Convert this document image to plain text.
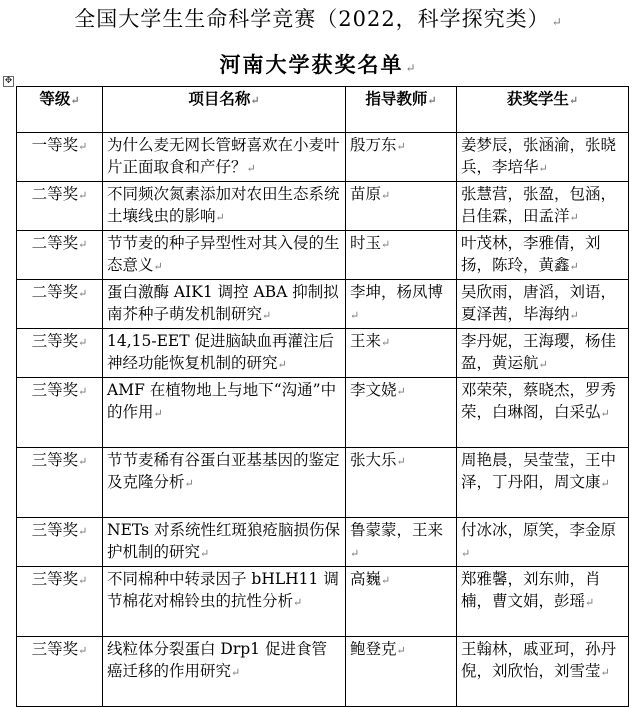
全国大学生生命科学竞赛（2022，科学探究类） ↵
河南大学获奖名单 ↵
✥
等级↵	项目名称↵	指导教师↵	获奖学生↵
一等奖↵	为什么麦无网长管蚜喜欢在小麦叶片正面取食和产仔？↵	殷万东↵	姜梦辰，张涵渝，张晓兵，李培华↵
二等奖↵	不同频次氮素添加对农田生态系统土壤线虫的影响↵	苗原↵	张慧营，张盈，包涵，吕佳霖，田孟洋↵
二等奖↵	节节麦的种子异型性对其入侵的生态意义↵	时玉↵	叶茂林，李雅倩，刘扬，陈玲，黄鑫↵
二等奖↵	蛋白激酶 AIK1 调控 ABA 抑制拟南芥种子萌发机制研究↵	李坤，杨凤博↵	吴欣雨，唐滔，刘语，夏泽茜，毕海纳↵
三等奖↵	14,15-EET 促进脑缺血再灌注后神经功能恢复机制的研究↵	王来↵	李丹妮，王海璎，杨佳盈，黄运航↵
三等奖↵	AMF 在植物地上与地下“沟通”中的作用↵	李文娆↵	邓荣荣，蔡晓杰，罗秀荣，白琳阁，白采弘↵
三等奖↵	节节麦稀有谷蛋白亚基基因的鉴定及克隆分析↵	张大乐↵	周艳晨，吴莹莹，王中泽，丁丹阳，周文康↵
三等奖↵	NETs 对系统性红斑狼疮脑损伤保护机制的研究↵	鲁蒙蒙，王来↵	付冰冰，原笑，李金原↵
三等奖↵	不同棉种中转录因子 bHLH11 调节棉花对棉铃虫的抗性分析↵	高巍↵	郑雅馨，刘东帅，肖楠，曹文娟，彭瑶↵
三等奖↵	线粒体分裂蛋白 Drp1 促进食管癌迁移的作用研究↵	鲍登克↵	王翰林，戚亚珂，孙丹倪，刘欣怡，刘雪莹↵
